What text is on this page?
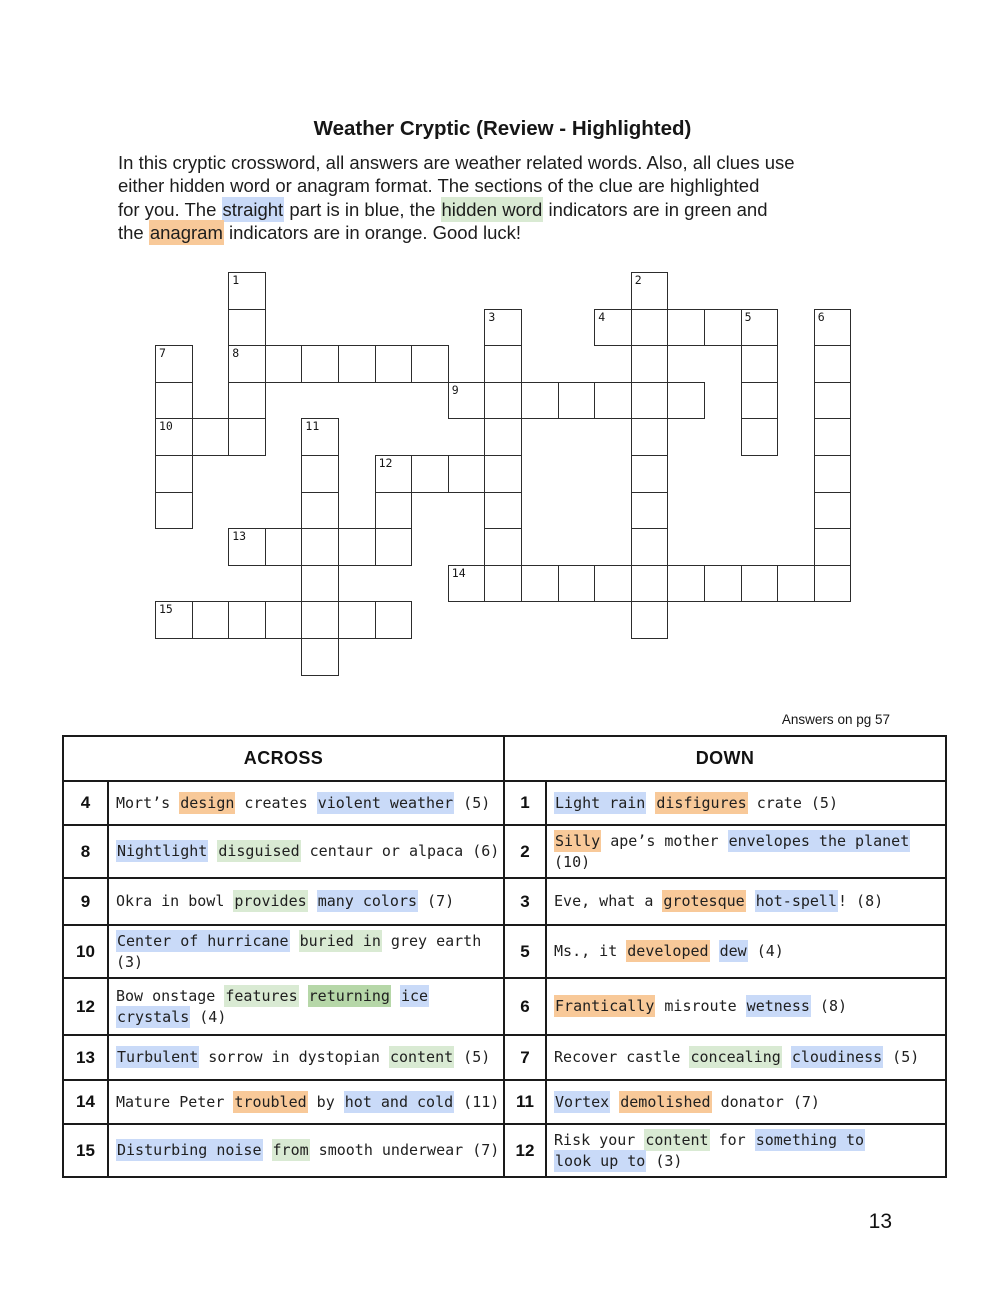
Weather Cryptic (Review - Highlighted)
In this cryptic crossword, all answers are weather related words. Also, all clues use
either hidden word or anagram format. The sections of the clue are highlighted
for you. The straight part is in blue, the hidden word indicators are in green and
the anagram indicators are in orange. Good luck!
4	5
8
9
10
12
13
14
15
1	2
3	6
7
11
Answers on pg 57
ACROSS		DOWN	
4	Mort’s design creates violent weather (5)	1	Light rain disfigures crate (5)

8	Nightlight disguised centaur or alpaca (6)	2	Silly ape’s mother envelopes the planet
(10)

9	Okra in bowl provides many colors (7)	3	Eve, what a grotesque hot-spell! (8)

10	Center of hurricane buried in grey earth
(3)	5	Ms., it developed dew (4)

12	Bow onstage features returning ice
crystals (4)	6	Frantically misroute wetness (8)

13	Turbulent sorrow in dystopian content (5)	7	Recover castle concealing cloudiness (5)

14	Mature Peter troubled by hot and cold (11)	11	Vortex demolished donator (7)

15	Disturbing noise from smooth underwear (7)	12	Risk your content for something to
look up to (3)
13
